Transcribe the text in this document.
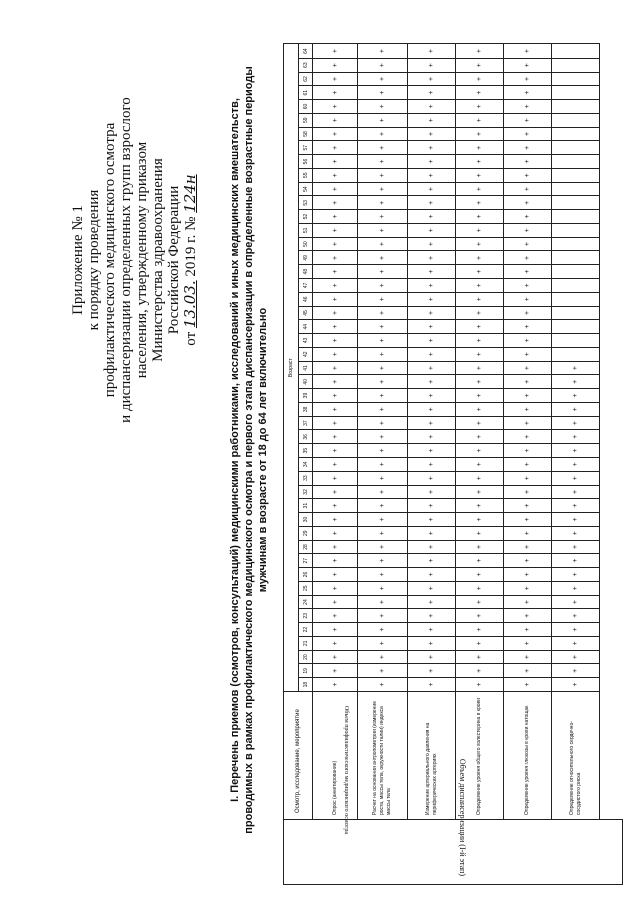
Приложение № 1 к порядку проведения профилактического медицинского осмотра и диспансеризации определенных групп взрослого населения, утвержденному приказом Министерства здравоохранения Российской Федерации
от 13.03. 2019 г. № 124н	I. Перечень приемов (осмотров, консультаций) медицинскими работниками, исследований и иных медицинских вмешательств, проводимых в рамках профилактического медицинского осмотра и первого этапа диспансеризации в определенные возрастные периоды мужчинам в возрасте от 18 до 64 лет включительно
Объем диспансеризации (I-й этап)
Объем профилактического медицинского осмотра
Осмотр, исследование, мероприятие	Возраст																																														
	18	19	20	21	22	23	24	25	26	27	28	29	30	31	32	33	34	35	36	37	38	39	40	41	42	43	44	45	46	47	48	49	50	51	52	53	54	55	56	57	58	59	60	61	62	63	64
Опрос (анкетирование)	+	+	+	+	+	+	+	+	+	+	+	+	+	+	+	+	+	+	+	+	+	+	+	+	+	+	+	+	+	+	+	+	+	+	+	+	+	+	+	+	+	+	+	+	+	+	+
Расчет на основании антропометрии (измерение роста, массы тела, окружности талии) индекса массы тела	+	+	+	+	+	+	+	+	+	+	+	+	+	+	+	+	+	+	+	+	+	+	+	+	+	+	+	+	+	+	+	+	+	+	+	+	+	+	+	+	+	+	+	+	+	+	+
Измерение артериального давления на периферических артериях	+	+	+	+	+	+	+	+	+	+	+	+	+	+	+	+	+	+	+	+	+	+	+	+	+	+	+	+	+	+	+	+	+	+	+	+	+	+	+	+	+	+	+	+	+	+	+
Определение уровня общего холестерина в крови	+	+	+	+	+	+	+	+	+	+	+	+	+	+	+	+	+	+	+	+	+	+	+	+	+	+	+	+	+	+	+	+	+	+	+	+	+	+	+	+	+	+	+	+	+	+	+
Определение уровня глюкозы в крови натощак	+	+	+	+	+	+	+	+	+	+	+	+	+	+	+	+	+	+	+	+	+	+	+	+	+	+	+	+	+	+	+	+	+	+	+	+	+	+	+	+	+	+	+	+	+	+	+
Определение относительного сердечно-сосудистого риска	+	+	+	+	+	+	+	+	+	+	+	+	+	+	+	+	+	+	+	+	+	+	+	+																							
